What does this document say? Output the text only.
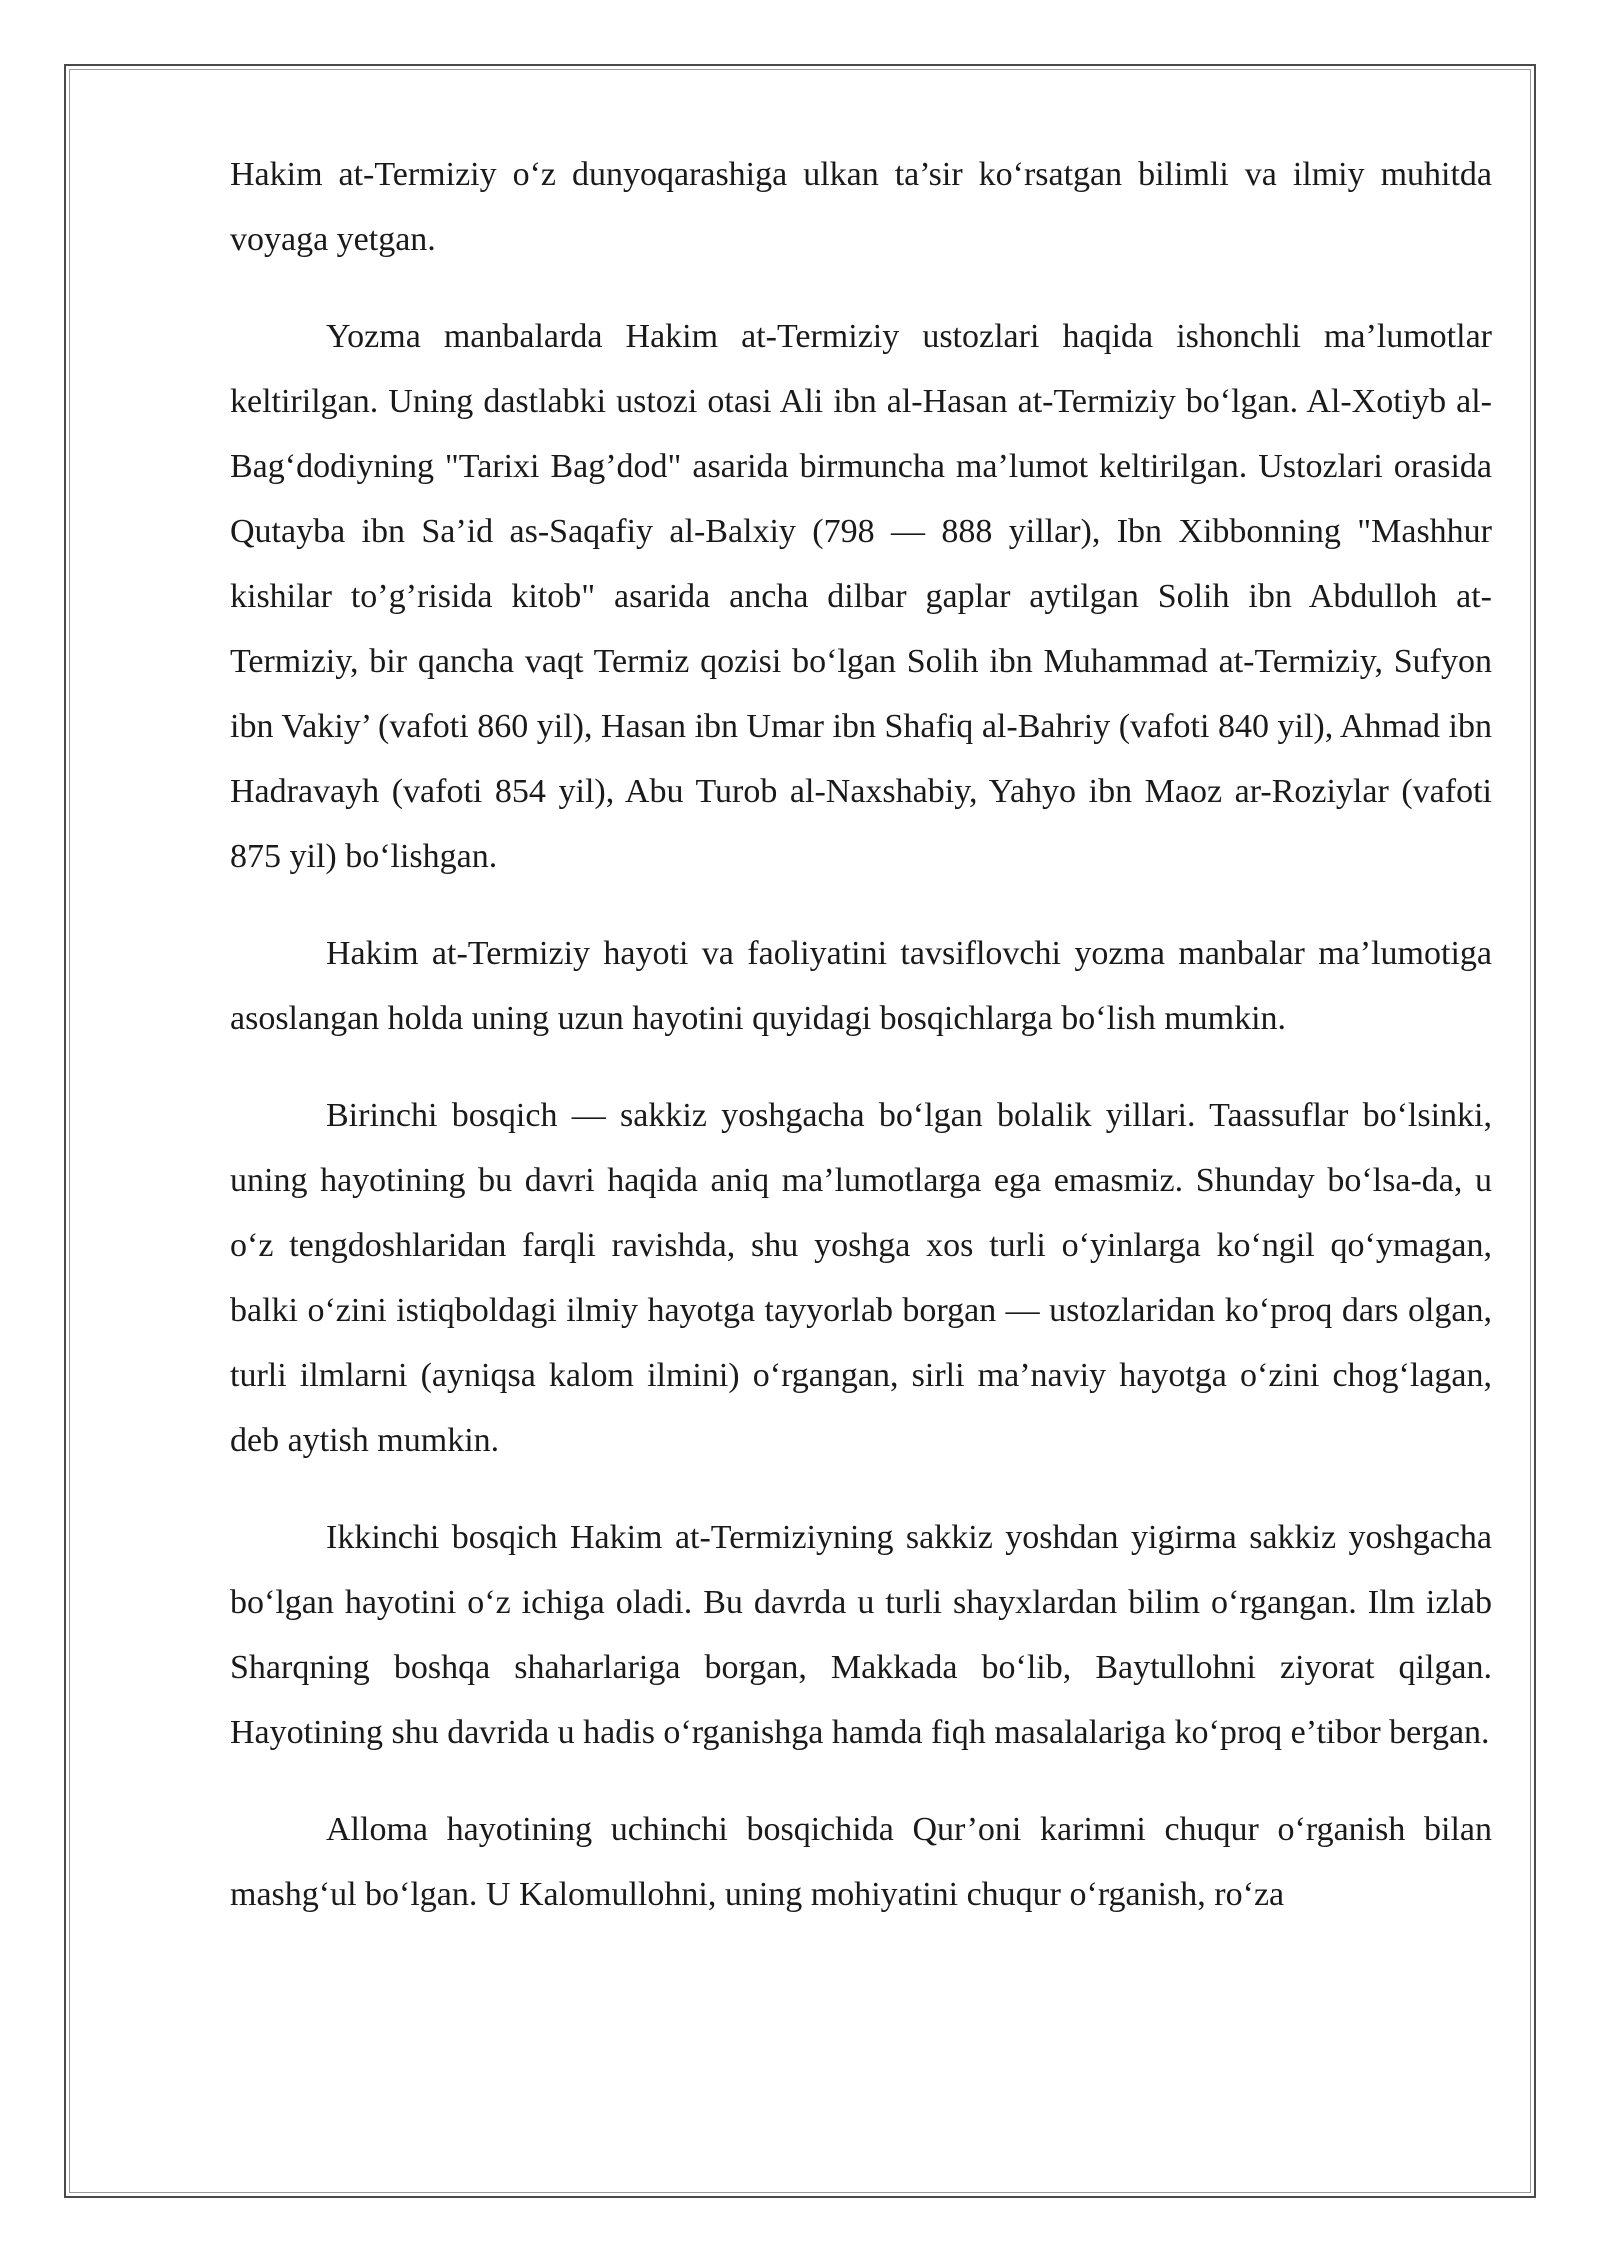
Hakim at-Termiziy o‘z dunyoqarashiga ulkan ta’sir ko‘rsatgan bilimli va ilmiy muhitda voyaga yetgan.

Yozma manbalarda Hakim at-Termiziy ustozlari haqida ishonchli ma’lumotlar keltirilgan. Uning dastlabki ustozi otasi Ali ibn al-Hasan at-Termiziy bo‘lgan. Al-Xotiyb al-Bag‘dodiyning "Tarixi Bag’dod" asarida birmuncha ma’lumot keltirilgan. Ustozlari orasida Qutayba ibn Sa’id as-Saqafiy al-Balxiy (798 — 888 yillar), Ibn Xibbonning "Mashhur kishilar to’g’risida kitob" asarida ancha dilbar gaplar aytilgan Solih ibn Abdulloh at-Termiziy, bir qancha vaqt Termiz qozisi bo‘lgan Solih ibn Muhammad at-Termiziy, Sufyon ibn Vakiy’ (vafoti 860 yil), Hasan ibn Umar ibn Shafiq al-Bahriy (vafoti 840 yil), Ahmad ibn Hadravayh (vafoti 854 yil), Abu Turob al-Naxshabiy, Yahyo ibn Maoz ar-Roziylar (vafoti 875 yil) bo‘lishgan.

Hakim at-Termiziy hayoti va faoliyatini tavsiflovchi yozma manbalar ma’lumotiga asoslangan holda uning uzun hayotini quyidagi bosqichlarga bo‘lish mumkin.

Birinchi bosqich — sakkiz yoshgacha bo‘lgan bolalik yillari. Taassuflar bo‘lsinki, uning hayotining bu davri haqida aniq ma’lumotlarga ega emasmiz. Shunday bo‘lsa-da, u o‘z tengdoshlaridan farqli ravishda, shu yoshga xos turli o‘yinlarga ko‘ngil qo‘ymagan, balki o‘zini istiqboldagi ilmiy hayotga tayyorlab borgan — ustozlaridan ko‘proq dars olgan, turli ilmlarni (ayniqsa kalom ilmini) o‘rgangan, sirli ma’naviy hayotga o‘zini chog‘lagan, deb aytish mumkin.

Ikkinchi bosqich Hakim at-Termiziyning sakkiz yoshdan yigirma sakkiz yoshgacha bo‘lgan hayotini o‘z ichiga oladi. Bu davrda u turli shayxlardan bilim o‘rgangan. Ilm izlab Sharqning boshqa shaharlariga borgan, Makkada bo‘lib, Baytullohni ziyorat qilgan. Hayotining shu davrida u hadis o‘rganishga hamda fiqh masalalariga ko‘proq e’tibor bergan.

Alloma hayotining uchinchi bosqichida Qur’oni karimni chuqur o‘rganish bilan mashg‘ul bo‘lgan. U Kalomullohni, uning mohiyatini chuqur o‘rganish, ro‘za
